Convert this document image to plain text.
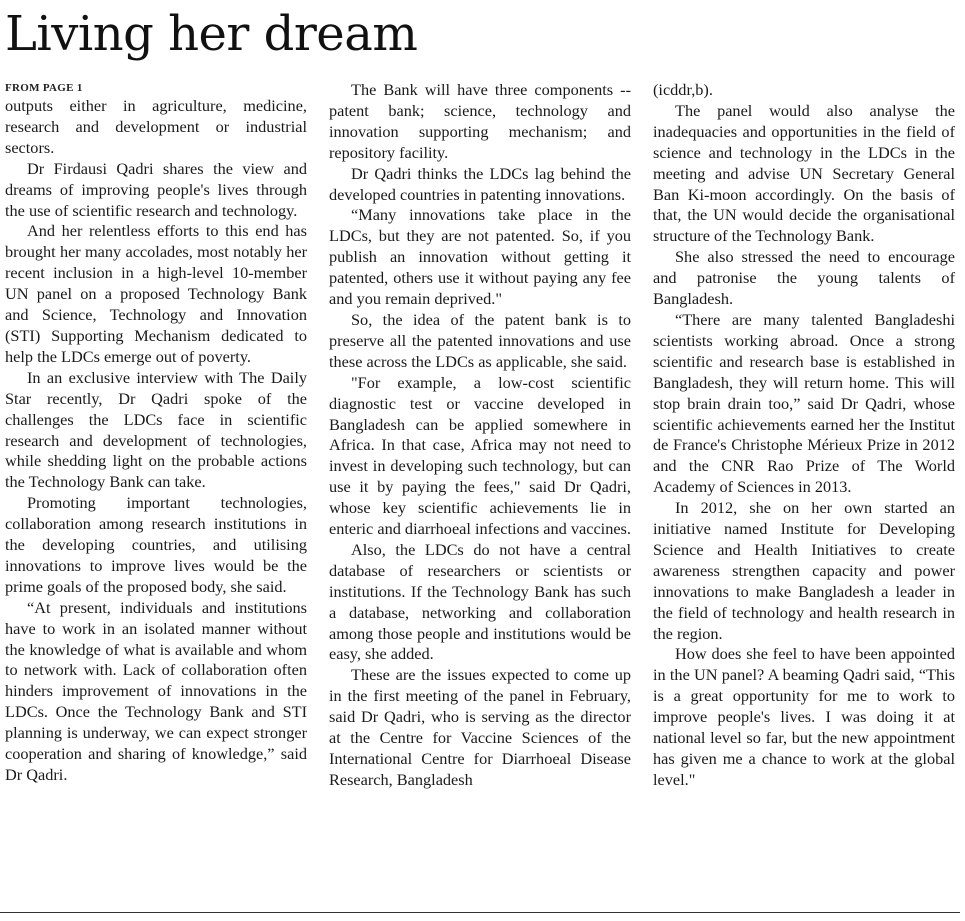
Living her dream
FROM PAGE 1

outputs either in agriculture, medicine, research and development or industrial sectors.

Dr Firdausi Qadri shares the view and dreams of improving people's lives through the use of scientific research and technology.

And her relentless efforts to this end has brought her many accolades, most notably her recent inclusion in a high-level 10-member UN panel on a proposed Technology Bank and Science, Technology and Innovation (STI) Supporting Mechanism dedicated to help the LDCs emerge out of poverty.

In an exclusive interview with The Daily Star recently, Dr Qadri spoke of the challenges the LDCs face in scientific research and development of technologies, while shedding light on the probable actions the Technology Bank can take.

Promoting important technologies, collaboration among research institutions in the developing countries, and utilising innovations to improve lives would be the prime goals of the proposed body, she said.

“At present, individuals and institutions have to work in an isolated manner without the knowledge of what is available and whom to network with. Lack of collaboration often hinders improvement of innovations in the LDCs. Once the Technology Bank and STI planning is underway, we can expect stronger cooperation and sharing of knowledge,” said Dr Qadri.

The Bank will have three components -- patent bank; science, technology and innovation supporting mechanism; and repository facility.

Dr Qadri thinks the LDCs lag behind the developed countries in patenting innovations.

“Many innovations take place in the LDCs, but they are not patented. So, if you publish an innovation without getting it patented, others use it without paying any fee and you remain deprived."

So, the idea of the patent bank is to preserve all the patented innovations and use these across the LDCs as applicable, she said.

"For example, a low-cost scientific diagnostic test or vaccine developed in Bangladesh can be applied somewhere in Africa. In that case, Africa may not need to invest in developing such technology, but can use it by paying the fees," said Dr Qadri, whose key scientific achievements lie in enteric and diarrhoeal infections and vaccines.

Also, the LDCs do not have a central database of researchers or scientists or institutions. If the Technology Bank has such a database, networking and collaboration among those people and institutions would be easy, she added.

These are the issues expected to come up in the first meeting of the panel in February, said Dr Qadri, who is serving as the director at the Centre for Vaccine Sciences of the International Centre for Diarrhoeal Disease Research, Bangladesh

(icddr,b).

The panel would also analyse the inadequacies and opportunities in the field of science and technology in the LDCs in the meeting and advise UN Secretary General Ban Ki-moon accordingly. On the basis of that, the UN would decide the organisational structure of the Technology Bank.

She also stressed the need to encourage and patronise the young talents of Bangladesh.

“There are many talented Bangladeshi scientists working abroad. Once a strong scientific and research base is established in Bangladesh, they will return home. This will stop brain drain too,” said Dr Qadri, whose scientific achievements earned her the Institut de France's Christophe Mérieux Prize in 2012 and the CNR Rao Prize of The World Academy of Sciences in 2013.

In 2012, she on her own started an initiative named Institute for Developing Science and Health Initiatives to create awareness strengthen capacity and power innovations to make Bangladesh a leader in the field of technology and health research in the region.

How does she feel to have been appointed in the UN panel? A beaming Qadri said, “This is a great opportunity for me to work to improve people's lives. I was doing it at national level so far, but the new appointment has given me a chance to work at the global level."
